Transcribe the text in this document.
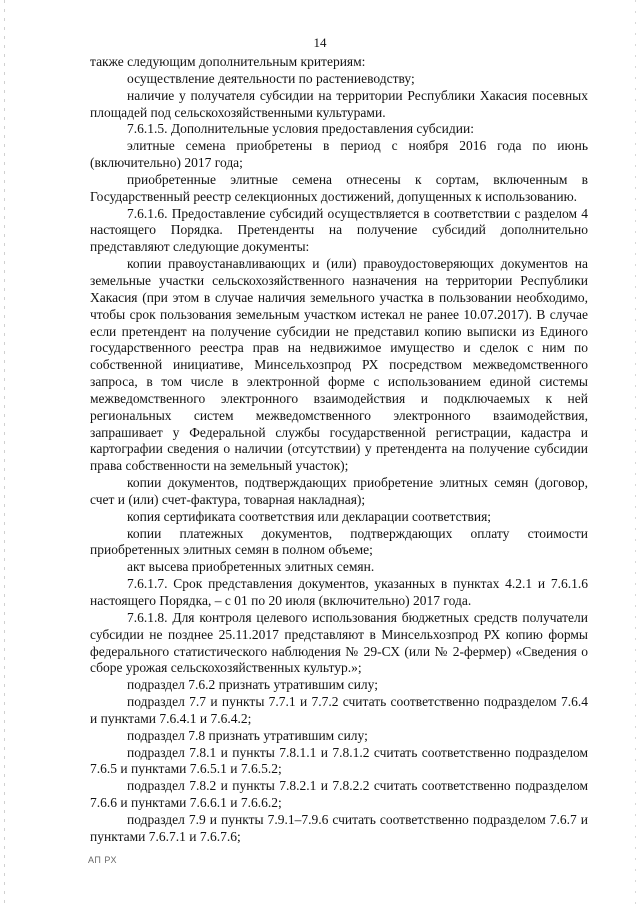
14

также следующим дополнительным критериям:

осуществление деятельности по растениеводству;

наличие у получателя субсидии на территории Республики Хакасия посевных площадей под сельскохозяйственными культурами.

7.6.1.5. Дополнительные условия предоставления субсидии:

элитные семена приобретены в период с ноября 2016 года по июнь (включительно) 2017 года;

приобретенные элитные семена отнесены к сортам, включенным в Государственный реестр селекционных достижений, допущенных к использованию.

7.6.1.6. Предоставление субсидий осуществляется в соответствии с разделом 4 настоящего Порядка. Претенденты на получение субсидий дополнительно представляют следующие документы:

копии правоустанавливающих и (или) правоудостоверяющих документов на земельные участки сельскохозяйственного назначения на территории Республики Хакасия (при этом в случае наличия земельного участка в пользовании необходимо, чтобы срок пользования земельным участком истекал не ранее 10.07.2017). В случае если претендент на получение субсидии не представил копию выписки из Единого государственного реестра прав на недвижимое имущество и сделок с ним по собственной инициативе, Минсельхозпрод РХ посредством межведомственного запроса, в том числе в электронной форме с использованием единой системы межведомственного электронного взаимодействия и подключаемых к ней региональных систем межведомственного электронного взаимодействия, запрашивает у Федеральной службы государственной регистрации, кадастра и картографии сведения о наличии (отсутствии) у претендента на получение субсидии права собственности на земельный участок);

копии документов, подтверждающих приобретение элитных семян (договор, счет и (или) счет-фактура, товарная накладная);

копия сертификата соответствия или декларации соответствия;

копии платежных документов, подтверждающих оплату стоимости приобретенных элитных семян в полном объеме;

акт высева приобретенных элитных семян.

7.6.1.7. Срок представления документов, указанных в пунктах 4.2.1 и 7.6.1.6 настоящего Порядка, – с 01 по 20 июля (включительно) 2017 года.

7.6.1.8. Для контроля целевого использования бюджетных средств получатели субсидии не позднее 25.11.2017 представляют в Минсельхозпрод РХ копию формы федерального статистического наблюдения № 29-СХ (или № 2-фермер) «Сведения о сборе урожая сельскохозяйственных культур.»;

подраздел 7.6.2 признать утратившим силу;

подраздел 7.7 и пункты 7.7.1 и 7.7.2 считать соответственно подразделом 7.6.4 и пунктами 7.6.4.1 и 7.6.4.2;

подраздел 7.8 признать утратившим силу;

подраздел 7.8.1 и пункты 7.8.1.1 и 7.8.1.2 считать соответственно подразделом 7.6.5 и пунктами 7.6.5.1 и 7.6.5.2;

подраздел 7.8.2 и пункты 7.8.2.1 и 7.8.2.2 считать соответственно подразделом 7.6.6 и пунктами 7.6.6.1 и 7.6.6.2;

подраздел 7.9 и пункты 7.9.1–7.9.6 считать соответственно подразделом 7.6.7 и пунктами 7.6.7.1 и 7.6.7.6;

АП РХ
